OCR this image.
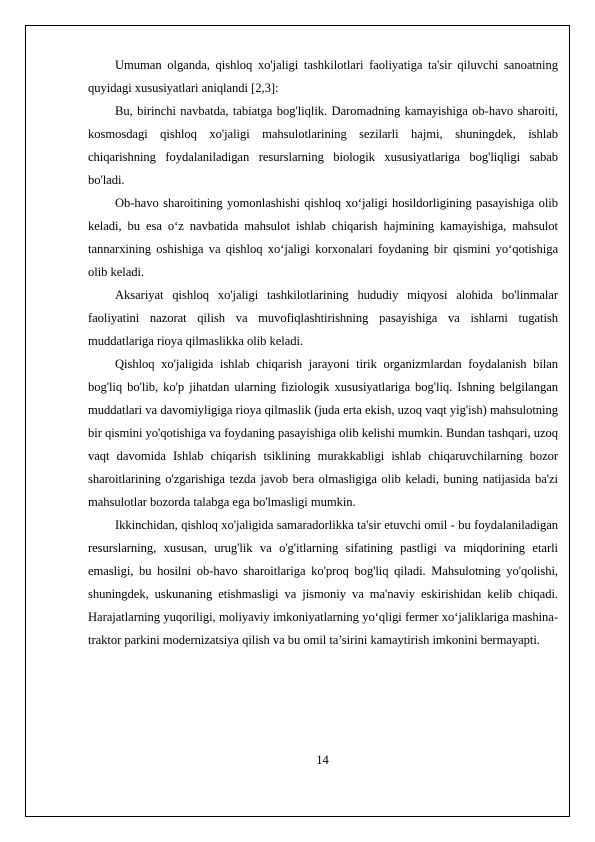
Umuman olganda, qishloq xo'jaligi tashkilotlari faoliyatiga ta'sir qiluvchi sanoatning quyidagi xususiyatlari aniqlandi [2,3]:

Bu, birinchi navbatda, tabiatga bog'liqlik. Daromadning kamayishiga ob-havo sharoiti, kosmosdagi qishloq xo'jaligi mahsulotlarining sezilarli hajmi, shuningdek, ishlab chiqarishning foydalaniladigan resurslarning biologik xususiyatlariga bog'liqligi sabab bo'ladi.

Ob-havo sharoitining yomonlashishi qishloq xo‘jaligi hosildorligining pasayishiga olib keladi, bu esa o‘z navbatida mahsulot ishlab chiqarish hajmining kamayishiga, mahsulot tannarxining oshishiga va qishloq xo‘jaligi korxonalari foydaning bir qismini yo‘qotishiga olib keladi.

Aksariyat qishloq xo'jaligi tashkilotlarining hududiy miqyosi alohida bo'linmalar faoliyatini nazorat qilish va muvofiqlashtirishning pasayishiga va ishlarni tugatish muddatlariga rioya qilmaslikka olib keladi.

Qishloq xo'jaligida ishlab chiqarish jarayoni tirik organizmlardan foydalanish bilan bog'liq bo'lib, ko'p jihatdan ularning fiziologik xususiyatlariga bog'liq. Ishning belgilangan muddatlari va davomiyligiga rioya qilmaslik (juda erta ekish, uzoq vaqt yig'ish) mahsulotning bir qismini yo'qotishiga va foydaning pasayishiga olib kelishi mumkin. Bundan tashqari, uzoq vaqt davomida Ishlab chiqarish tsiklining murakkabligi ishlab chiqaruvchilarning bozor sharoitlarining o'zgarishiga tezda javob bera olmasligiga olib keladi, buning natijasida ba'zi mahsulotlar bozorda talabga ega bo'lmasligi mumkin.

Ikkinchidan, qishloq xo'jaligida samaradorlikka ta'sir etuvchi omil - bu foydalaniladigan resurslarning, xususan, urug'lik va o'g'itlarning sifatining pastligi va miqdorining etarli emasligi, bu hosilni ob-havo sharoitlariga ko'proq bog'liq qiladi. Mahsulotning yo'qolishi, shuningdek, uskunaning etishmasligi va jismoniy va ma'naviy eskirishidan kelib chiqadi. Harajatlarning yuqoriligi, moliyaviy imkoniyatlarning yo‘qligi fermer xo‘jaliklariga mashina-traktor parkini modernizatsiya qilish va bu omil ta’sirini kamaytirish imkonini bermayapti.

14
